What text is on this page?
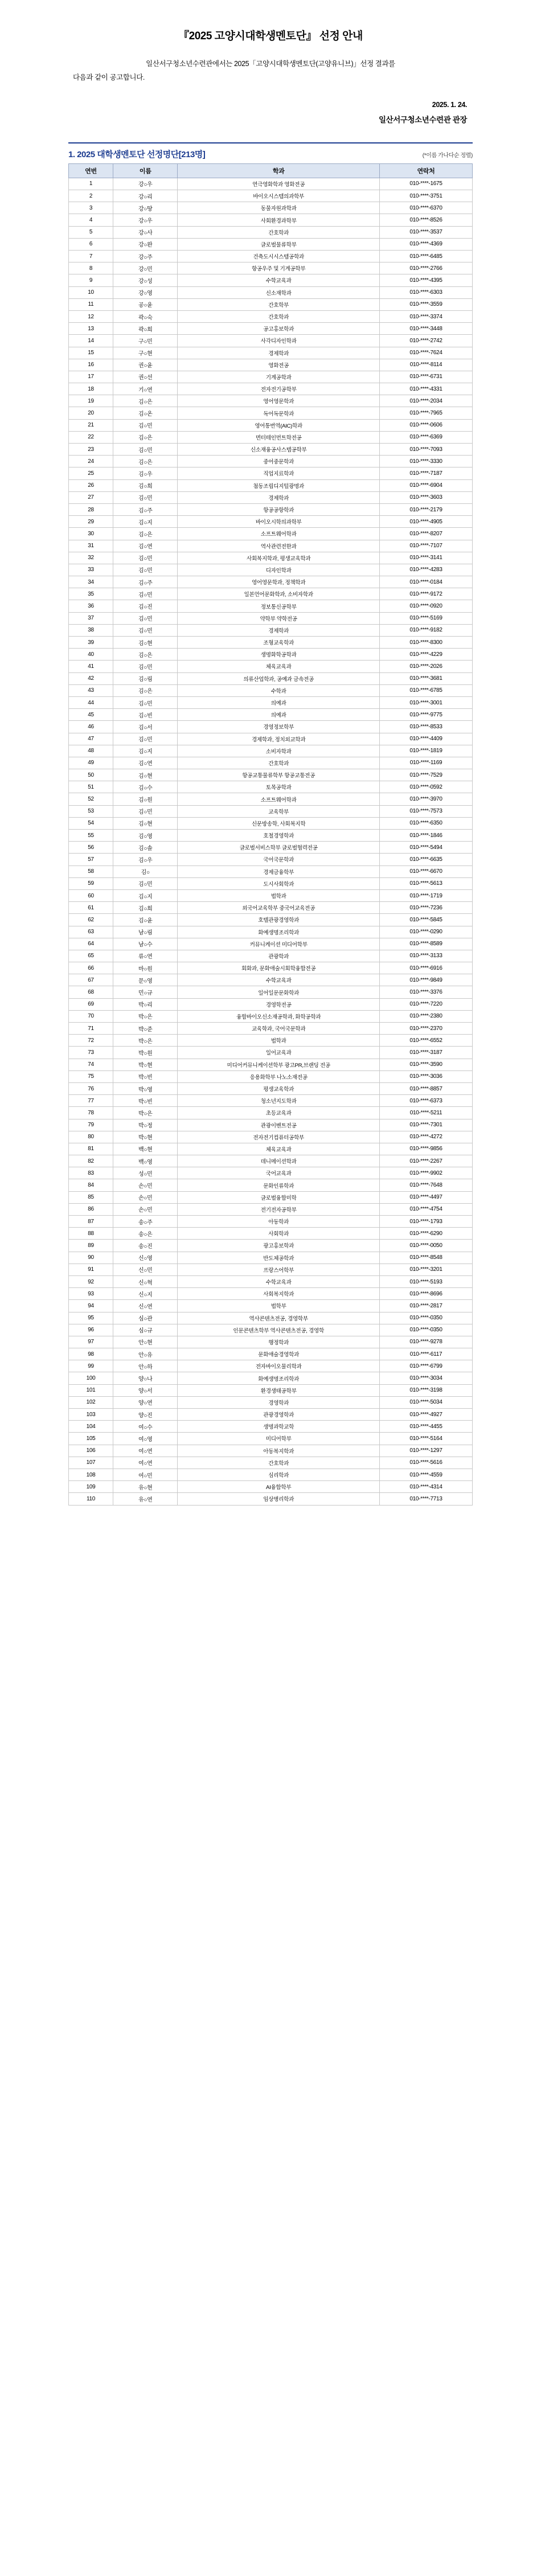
『2025 고양시대학생멘토단』 선정 안내
일산서구청소년수련관에서는 2025「고양시대학생멘토단(고양유니브)」선정 결과를
다음과 같이 공고합니다.
2025. 1. 24.
일산서구청소년수련관 관장
1. 2025 대학생멘토단 선정명단[213명]	(*이름 가나다순 정렬)
연번	이름	학과	연락처
1	강○우	연극영화학과 영화전공	010-****-1675
2	강○리	바이오시스템의과학부	010-****-3751
3	강○땅	동물자원과학과	010-****-6370
4	강○우	사회환경과학부	010-****-8526
5	강○사	간호학과	010-****-3537
6	강○완	글로벌물류학부	010-****-4369
7	강○주	건축도시시스템공학과	010-****-6485
8	강○민	항공우주 및 기계공학부	010-****-2766
9	강○성	수학교육과	010-****-4395
10	강○영	신소재학과	010-****-6303
11	공○윤	간호학부	010-****-3559
12	곽○숙	간호학과	010-****-3374
13	곽○희	공고홍보학과	010-****-3448
14	구○민	사각디자인학과	010-****-2742
15	구○현	경제학과	010-****-7624
16	권○윤	영화전공	010-****-8114
17	권○선	기계공학과	010-****-6731
18	기○연	전자전기공학부	010-****-4331
19	김○은	영어영문학과	010-****-2034
20	김○온	독어독문학과	010-****-7965
21	김○민	영어통번역(AIC)학과	010-****-0606
22	김○은	면터테인먼트학전공	010-****-6369
23	김○민	신소재융공사스템공학부	010-****-7093
24	김○은	중어중문학과	010-****-3330
25	김○우	직업지료학과	010-****-7187
26	김○희	첨동조립디지털광명과	010-****-6904
27	김○민	경제학과	010-****-3603
28	김○주	항공공항학과	010-****-2179
29	김○지	바이오시학의과학부	010-****-4905
30	김○은	소프트웨어학과	010-****-8207
31	김○연	역사관련전한과	010-****-7107
32	김○민	사회복지학과, 평생교육학과	010-****-3141
33	김○민	디자인학과	010-****-4283
34	김○주	영어영문학과, 정책학과	010-****-0184
35	김○민	일본언어문화학과, 소비자학과	010-****-9172
36	김○진	정보통신공학부	010-****-0920
37	김○민	약학부 약학전공	010-****-5169
38	김○민	경제학과	010-****-9182
39	김○현	조형교육학과	010-****-8300
40	김○은	생명화학공학과	010-****-4229
41	김○민	체육교육과	010-****-2026
42	김○림	의류산업학과, 공예과 금속전공	010-****-3681
43	김○은	수학과	010-****-6785
44	김○민	의예과	010-****-3001
45	김○빈	의예과	010-****-9775
46	김○서	경영정보학부	010-****-8533
47	김○민	경제학과, 정치외교학과	010-****-4409
48	김○지	소비자학과	010-****-1819
49	김○연	간호학과	010-****-1169
50	김○현	항공교통물류학부 항공교통전공	010-****-7529
51	김○수	토목공학과	010-****-0592
52	김○원	소프트웨어학과	010-****-3970
53	김○민	교육학부	010-****-7573
54	김○현	신문방송학, 사회복지학	010-****-6350
55	김○영	호철경영학과	010-****-1846
56	김○솔	글로벌서비스학부 글로벌협력전공	010-****-5494
57	김○우	국어국문학과	010-****-6635
58	김○	경제금융학부	010-****-6670
59	김○민	도시사회학과	010-****-5613
60	김○지	법학과	010-****-1719
61	김○희	외국어교육학부 중국어교육전공	010-****-7236
62	김○윤	호텔관광경영학과	010-****-5845
63	남○림	화예생명조리학과	010-****-0290
64	남○수	커뮤니케이션 미디어학부	010-****-8589
65	류○연	관광학과	010-****-3133
66	마○원	회화과, 문화애술시회학융합전공	010-****-6916
67	문○영	수학교육과	010-****-9849
68	민○규	일어일문문화학과	010-****-3376
69	박○리	경영학전공	010-****-7220
70	박○은	융합바이오신소재공학과, 화학공학과	010-****-2380
71	박○준	교육학과, 국어국문학과	010-****-2370
72	박○은	법학과	010-****-6552
73	박○원	일어교육과	010-****-3187
74	박○현	미디어커뮤니케이션학부 광고PR,브랜딩 전공	010-****-3590
75	박○빈	응용화학부 나노소재전공	010-****-3036
76	박○영	평생교육학과	010-****-8857
77	박○빈	청소년지도학과	010-****-6373
78	박○은	초등교육과	010-****-5211
79	박○정	관광이벤트전공	010-****-7301
80	박○현	전자전기컴퓨터공학부	010-****-4272
81	백○현	체육교육과	010-****-9856
82	백○영	데니메이션학과	010-****-2267
83	성○민	국어교육과	010-****-9902
84	손○민	문화인류학과	010-****-7648
85	손○민	글로벌융합미학	010-****-4497
86	손○민	전기전자공학부	010-****-4754
87	송○주	아동학과	010-****-1793
88	송○은	사회학과	010-****-6290
89	송○진	광고홍보학과	010-****-0050
90	신○영	반도체공학과	010-****-8548
91	신○민	프랑스어학부	010-****-3201
92	신○혁	수학교육과	010-****-5193
93	신○지	사회복지학과	010-****-8696
94	신○연	법학부	010-****-2817
95	심○관	역사콘텐츠전공, 경영학부	010-****-0350
96	심○규	인문콘텐츠학부 역사콘텐츠전공, 경영학	010-****-0350
97	안○현	행정학과	010-****-9278
98	안○유	문화애술경영학과	010-****-6117
99	안○하	전자바이오물리학과	010-****-6799
100	양○나	화예생명조리학과	010-****-3034
101	양○서	환경생태공학부	010-****-3198
102	양○연	경영학과	010-****-5034
103	양○진	관광경영학과	010-****-4927
104	여○수	생명과학교학	010-****-4455
105	여○영	미디어학부	010-****-5164
106	여○연	아동복지학과	010-****-1297
107	여○연	간호학과	010-****-5616
108	여○민	심리학과	010-****-4559
109	유○현	AI융합학부	010-****-4314
110	유○연	임상병리학과	010-****-7713
